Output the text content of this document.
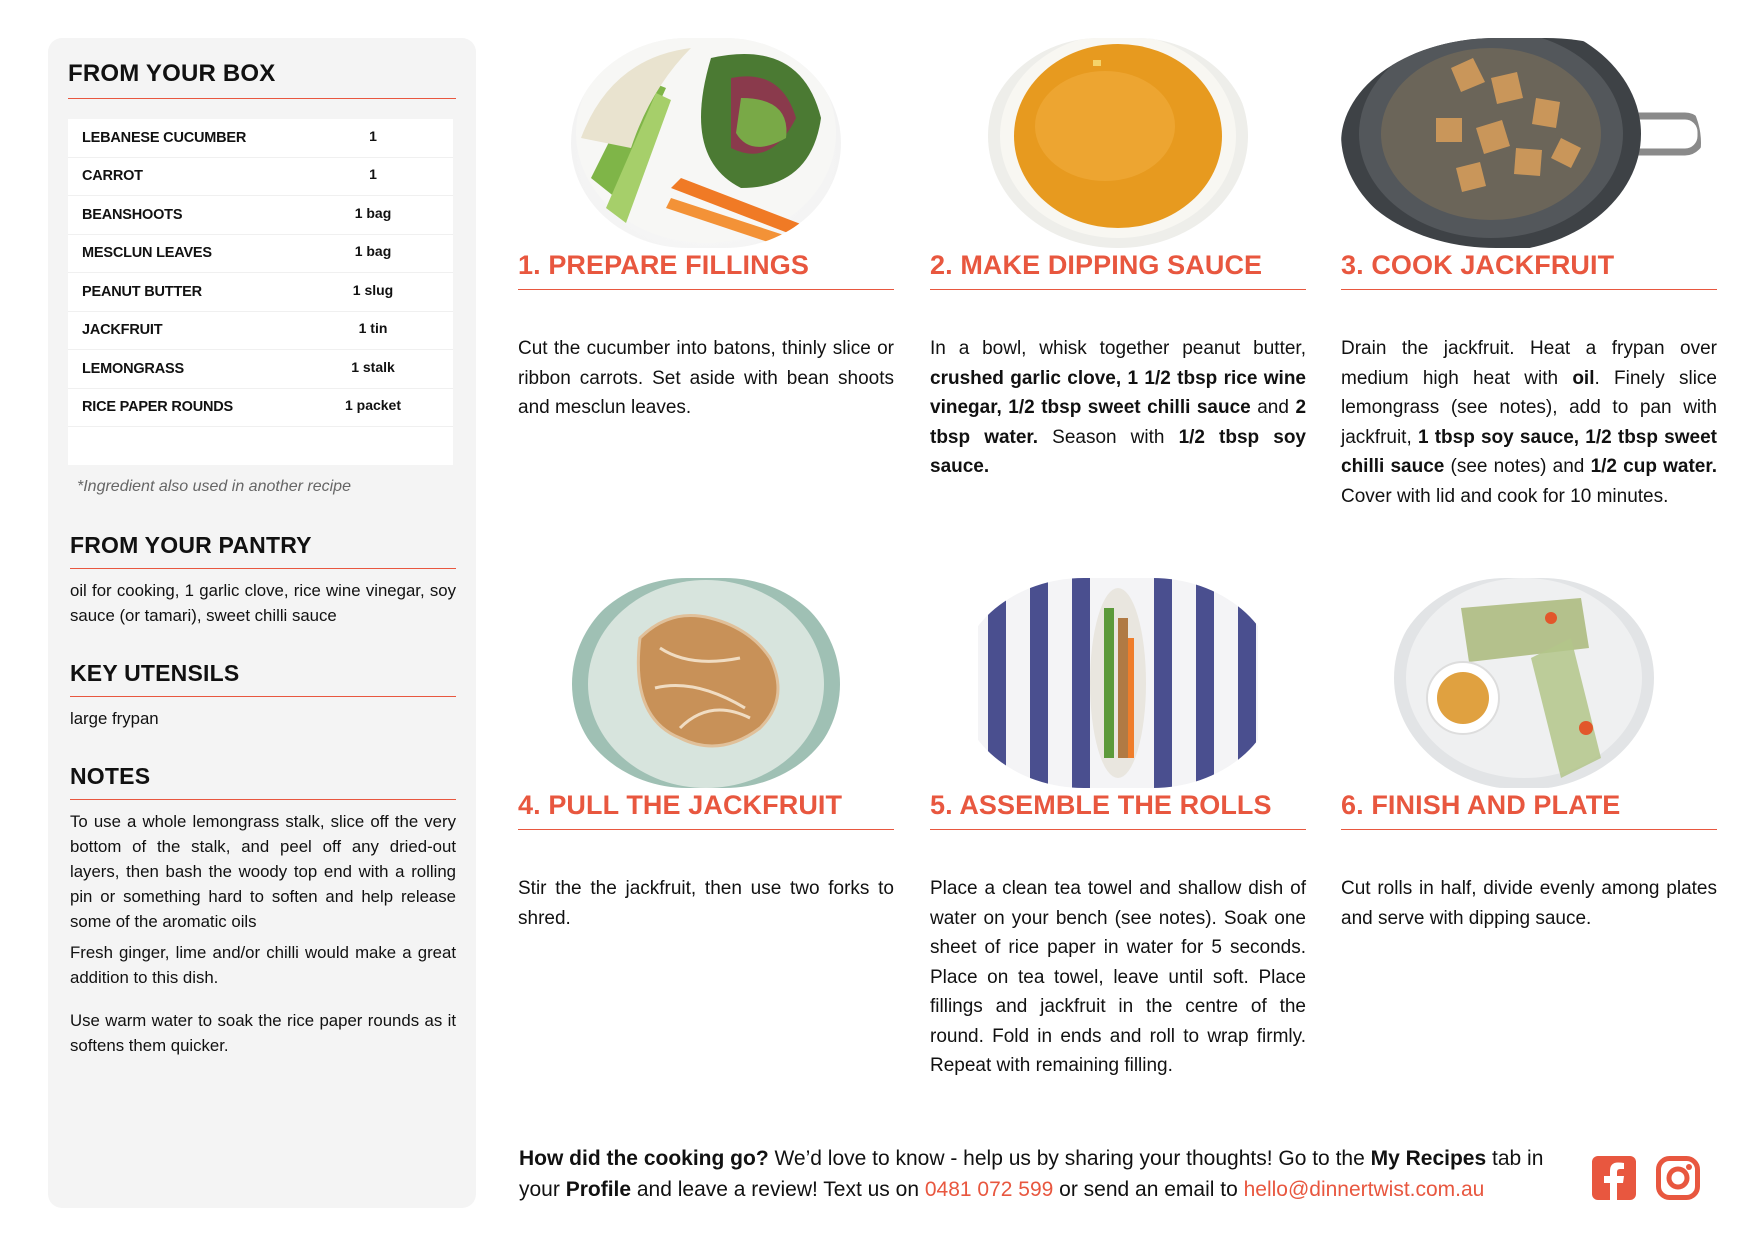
FROM YOUR BOX
LEBANESE CUCUMBER	1
CARROT	1
BEANSHOOTS	1 bag
MESCLUN LEAVES	1 bag
PEANUT BUTTER	1 slug
JACKFRUIT	1 tin
LEMONGRASS	1 stalk
RICE PAPER ROUNDS	1 packet
*Ingredient also used in another recipe
FROM YOUR PANTRY
oil for cooking, 1 garlic clove, rice wine vinegar, soy sauce (or tamari), sweet chilli sauce
KEY UTENSILS
large frypan
NOTES
To use a whole lemongrass stalk, slice off the very bottom of the stalk, and peel off any dried-out layers, then bash the woody top end with a rolling pin or something hard to soften and help release some of the aromatic oils
Fresh ginger, lime and/or chilli would make a great addition to this dish.
Use warm water to soak the rice paper rounds as it softens them quicker.
1. PREPARE FILLINGS
Cut the cucumber into batons, thinly slice or ribbon carrots. Set aside with bean shoots and mesclun leaves.
2. MAKE DIPPING SAUCE
In a bowl, whisk together peanut butter, crushed garlic clove, 1 1/2 tbsp rice wine vinegar, 1/2 tbsp sweet chilli sauce and 2 tbsp water. Season with 1/2 tbsp soy sauce.
3. COOK JACKFRUIT
Drain the jackfruit. Heat a frypan over medium high heat with oil. Finely slice lemongrass (see notes), add to pan with jackfruit, 1 tbsp soy sauce, 1/2 tbsp sweet chilli sauce (see notes) and 1/2 cup water. Cover with lid and cook for 10 minutes.
4. PULL THE JACKFRUIT
Stir the the jackfruit, then use two forks to shred.
5. ASSEMBLE THE ROLLS
Place a clean tea towel and shallow dish of water on your bench (see notes). Soak one sheet of rice paper in water for 5 seconds. Place on tea towel, leave until soft. Place fillings and jackfruit in the centre of the round. Fold in ends and roll to wrap firmly. Repeat with remaining filling.
6. FINISH AND PLATE
Cut rolls in half, divide evenly among plates and serve with dipping sauce.
How did the cooking go? We’d love to know - help us by sharing your thoughts! Go to the My Recipes tab in your Profile and leave a review! Text us on 0481 072 599 or send an email to hello@dinnertwist.com.au
